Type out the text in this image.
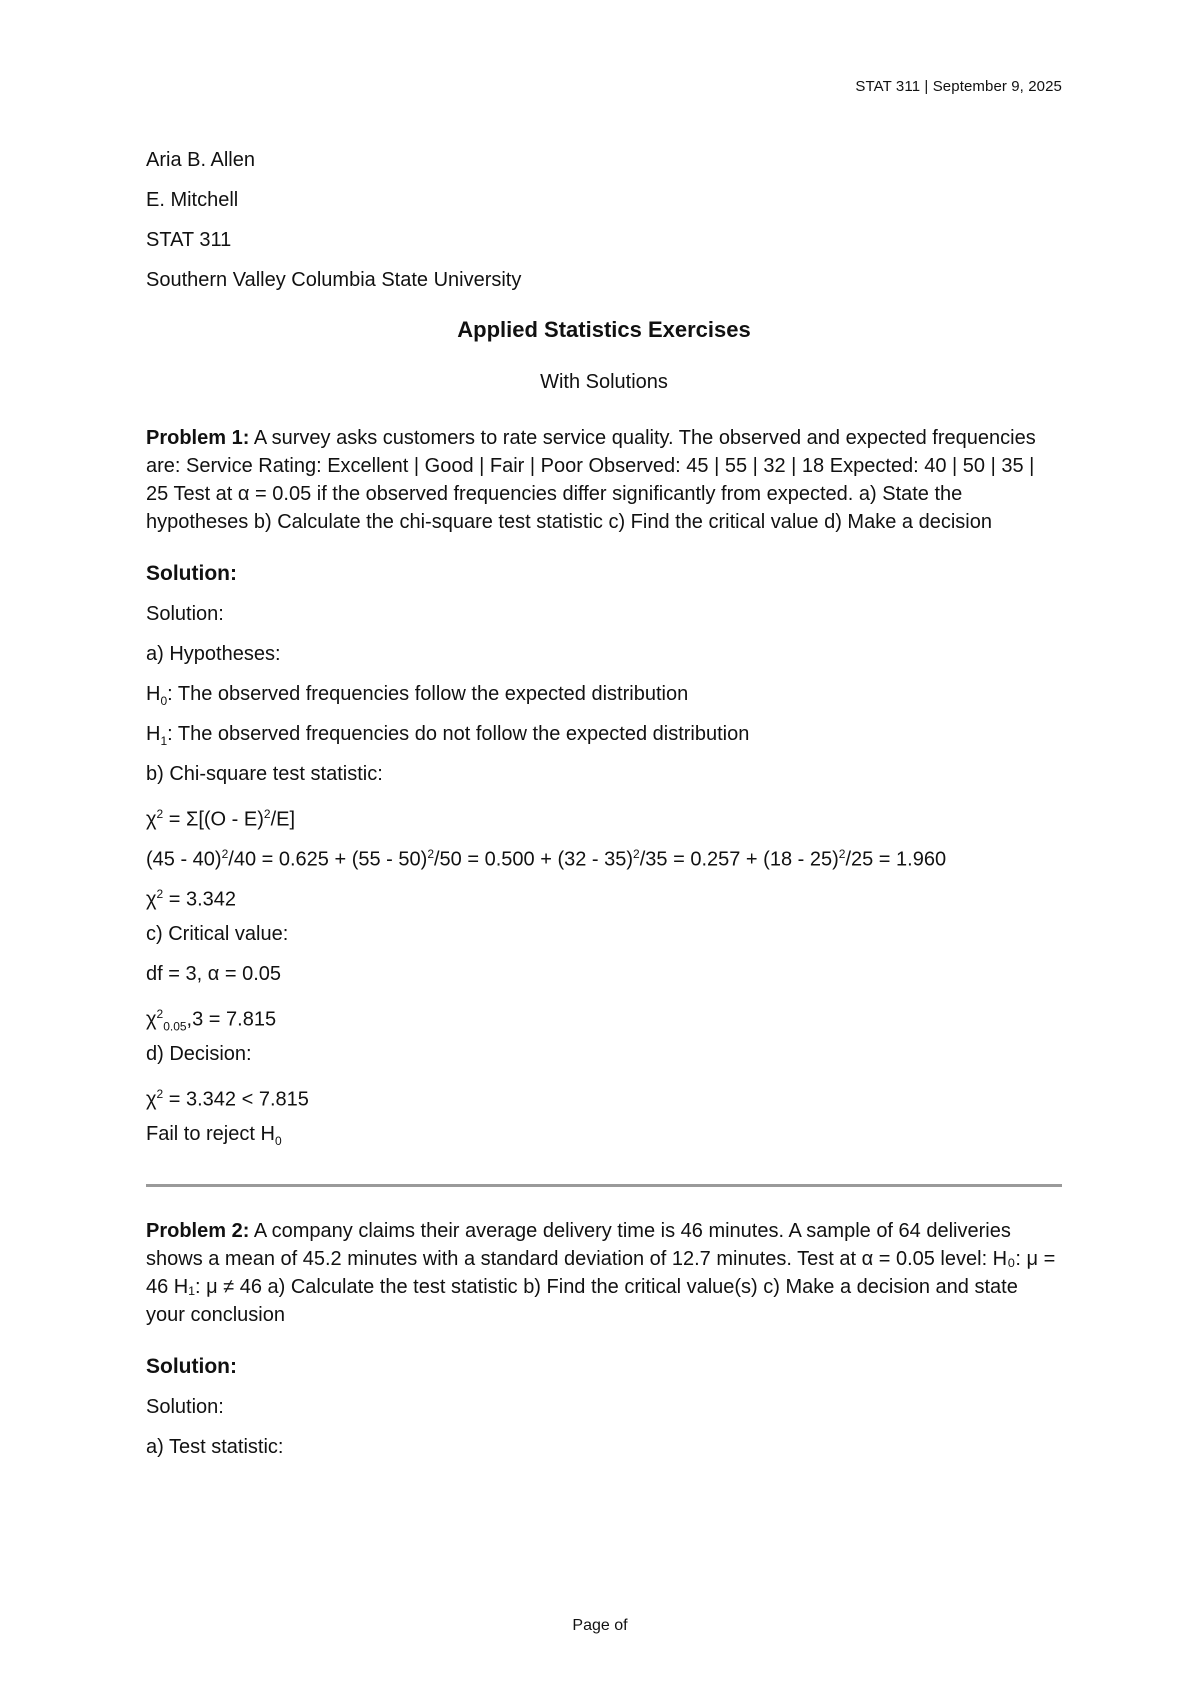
STAT 311 | September 9, 2025

Aria B. Allen

E. Mitchell

STAT 311

Southern Valley Columbia State University

Applied Statistics Exercises
With Solutions

Problem 1: A survey asks customers to rate service quality. The observed and expected frequencies are: Service Rating: Excellent | Good | Fair | Poor Observed: 45 | 55 | 32 | 18 Expected: 40 | 50 | 35 | 25 Test at α = 0.05 if the observed frequencies differ significantly from expected. a) State the hypotheses b) Calculate the chi-square test statistic c) Find the critical value d) Make a decision

Solution:

Solution:

a) Hypotheses:

$H_0$: The observed frequencies follow the expected distribution

$H_1$: The observed frequencies do not follow the expected distribution

b) Chi-square test statistic:

$\chi^2 = \Sigma[(O - E)^2/E]$

(45 - 40)$^2$/40 = 0.625 + (55 - 50)$^2$/50 = 0.500 + (32 - 35)$^2$/35 = 0.257 + (18 - 25)$^2$/25 = 1.960

$\chi^2 = 3.342$

c) Critical value:

df = 3, α = 0.05

$\chi^2_{0.05},3 = 7.815$

d) Decision:

$\chi^2 = 3.342 < 7.815$

Fail to reject $H_0$

Problem 2: A company claims their average delivery time is 46 minutes. A sample of 64 deliveries shows a mean of 45.2 minutes with a standard deviation of 12.7 minutes. Test at α = 0.05 level: H₀: μ = 46 H₁: μ ≠ 46 a) Calculate the test statistic b) Find the critical value(s) c) Make a decision and state your conclusion

Solution:

Solution:

a) Test statistic:

Page of
